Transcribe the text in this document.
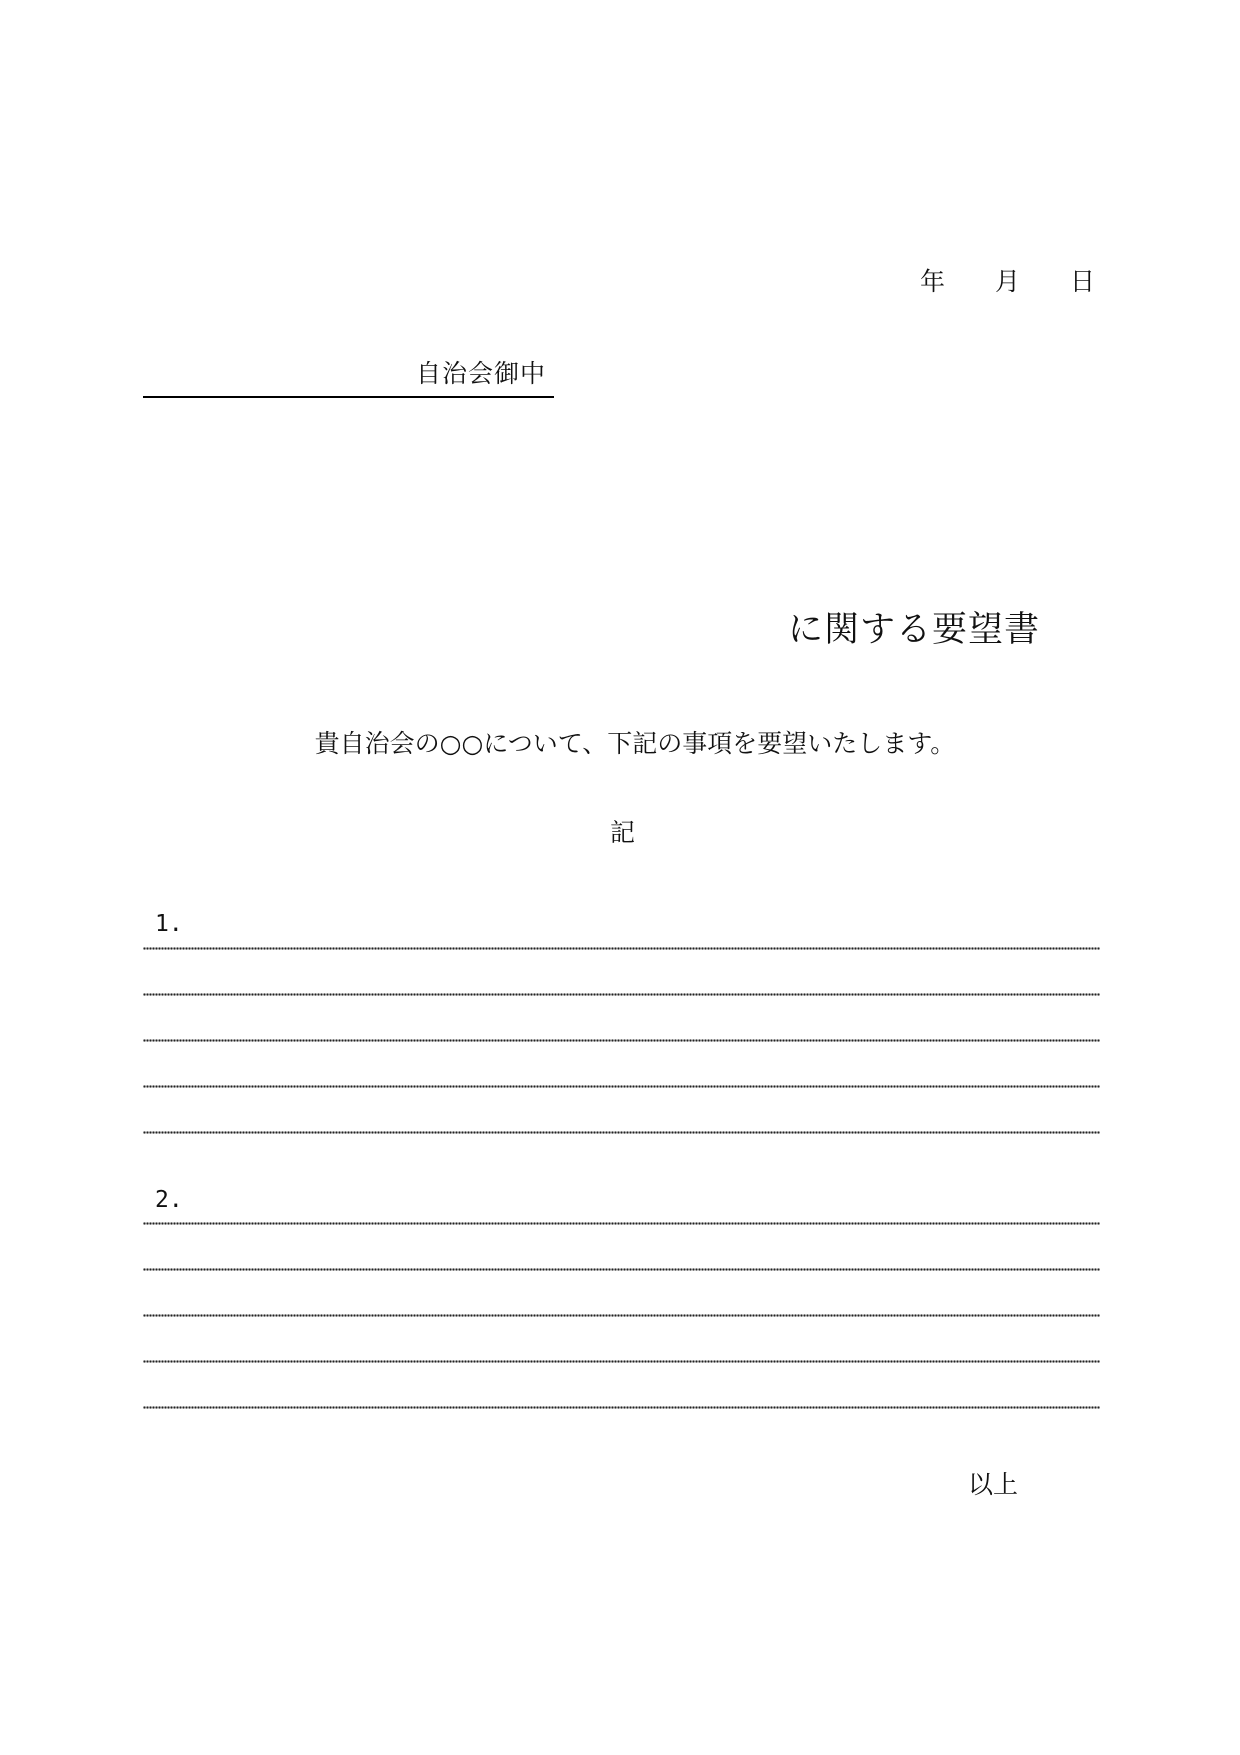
年	月	日
自治会御中
に関する要望書
貴自治会の○○について、下記の事項を要望いたします。
記
1.
2.
以上
